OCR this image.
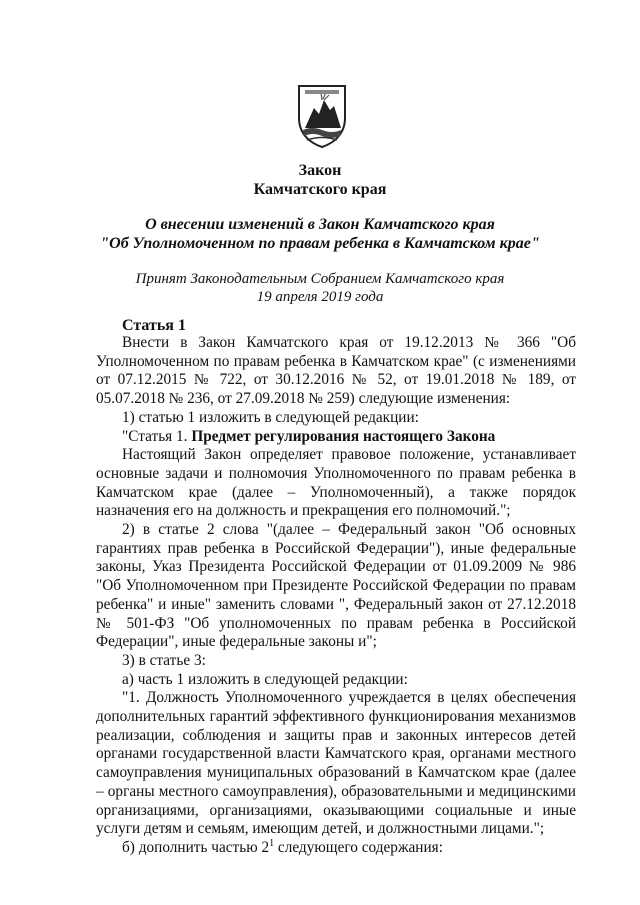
Закон
Камчатского края
О внесении изменений в Закон Камчатского края
"Об Уполномоченном по правам ребенка в Камчатском крае"
Принят Законодательным Собранием Камчатского края
19 апреля 2019 года
Статья 1

Внести в Закон Камчатского края от 19.12.2013 № 366 "Об Уполномоченном по правам ребенка в Камчатском крае" (с изменениями от 07.12.2015 № 722, от 30.12.2016 № 52, от 19.01.2018 № 189, от 05.07.2018 № 236, от 27.09.2018 № 259) следующие изменения:

1) статью 1 изложить в следующей редакции:

"Статья 1. Предмет регулирования настоящего Закона

Настоящий Закон определяет правовое положение, устанавливает основные задачи и полномочия Уполномоченного по правам ребенка в Камчатском крае (далее – Уполномоченный), а также порядок назначения его на должность и прекращения его полномочий.";

2) в статье 2 слова "(далее – Федеральный закон "Об основных гарантиях прав ребенка в Российской Федерации"), иные федеральные законы, Указ Президента Российской Федерации от 01.09.2009 № 986 "Об Уполномоченном при Президенте Российской Федерации по правам ребенка" и иные" заменить словами ", Федеральный закон от 27.12.2018 № 501-ФЗ "Об уполномоченных по правам ребенка в Российской Федерации", иные федеральные законы и";

3) в статье 3:

а) часть 1 изложить в следующей редакции:

"1. Должность Уполномоченного учреждается в целях обеспечения дополнительных гарантий эффективного функционирования механизмов реализации, соблюдения и защиты прав и законных интересов детей органами государственной власти Камчатского края, органами местного самоуправления муниципальных образований в Камчатском крае (далее – органы местного самоуправления), образовательными и медицинскими организациями, организациями, оказывающими социальные и иные услуги детям и семьям, имеющим детей, и должностными лицами.";

б) дополнить частью $2^1$ следующего содержания:
